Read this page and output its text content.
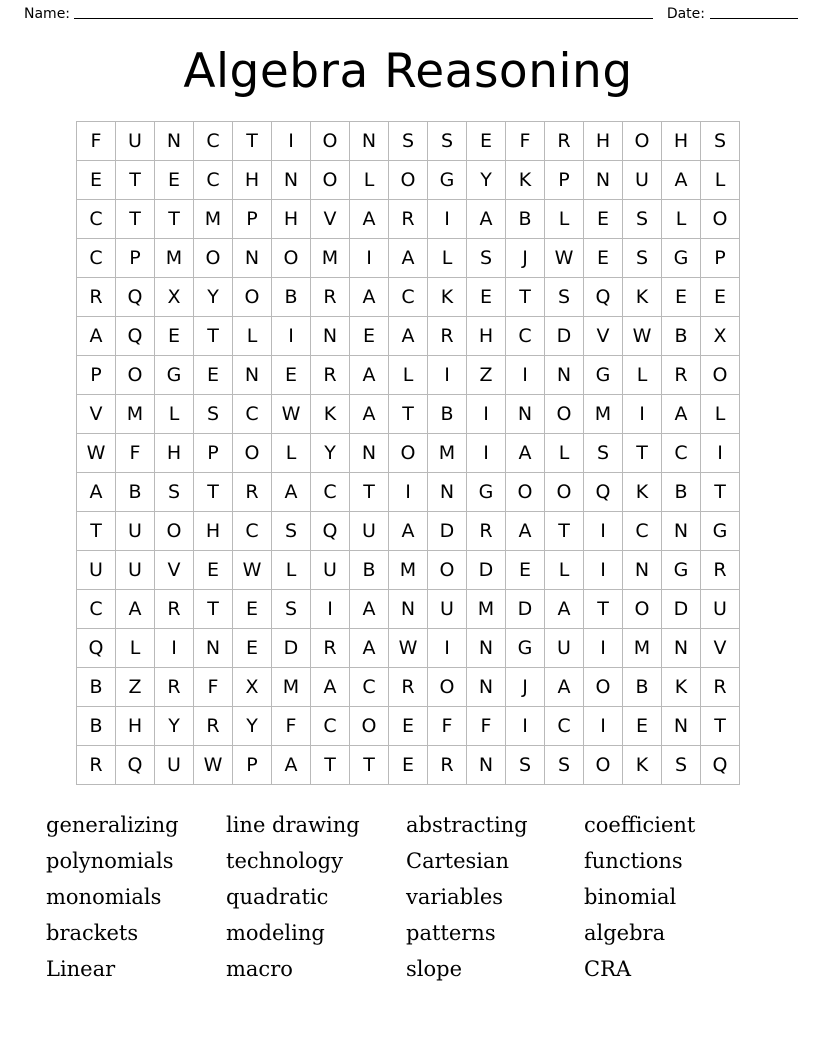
Name:	Date:
Algebra Reasoning
F	U	N	C	T	I	O	N	S	S	E	F	R	H	O	H	S
E	T	E	C	H	N	O	L	O	G	Y	K	P	N	U	A	L
C	T	T	M	P	H	V	A	R	I	A	B	L	E	S	L	O
C	P	M	O	N	O	M	I	A	L	S	J	W	E	S	G	P
R	Q	X	Y	O	B	R	A	C	K	E	T	S	Q	K	E	E
A	Q	E	T	L	I	N	E	A	R	H	C	D	V	W	B	X
P	O	G	E	N	E	R	A	L	I	Z	I	N	G	L	R	O
V	M	L	S	C	W	K	A	T	B	I	N	O	M	I	A	L
W	F	H	P	O	L	Y	N	O	M	I	A	L	S	T	C	I
A	B	S	T	R	A	C	T	I	N	G	O	O	Q	K	B	T
T	U	O	H	C	S	Q	U	A	D	R	A	T	I	C	N	G
U	U	V	E	W	L	U	B	M	O	D	E	L	I	N	G	R
C	A	R	T	E	S	I	A	N	U	M	D	A	T	O	D	U
Q	L	I	N	E	D	R	A	W	I	N	G	U	I	M	N	V
B	Z	R	F	X	M	A	C	R	O	N	J	A	O	B	K	R
B	H	Y	R	Y	F	C	O	E	F	F	I	C	I	E	N	T
R	Q	U	W	P	A	T	T	E	R	N	S	S	O	K	S	Q
generalizing
polynomials
monomials
brackets
Linear
line drawing
technology
quadratic
modeling
macro
abstracting
Cartesian
variables
patterns
slope
coefficient
functions
binomial
algebra
CRA
